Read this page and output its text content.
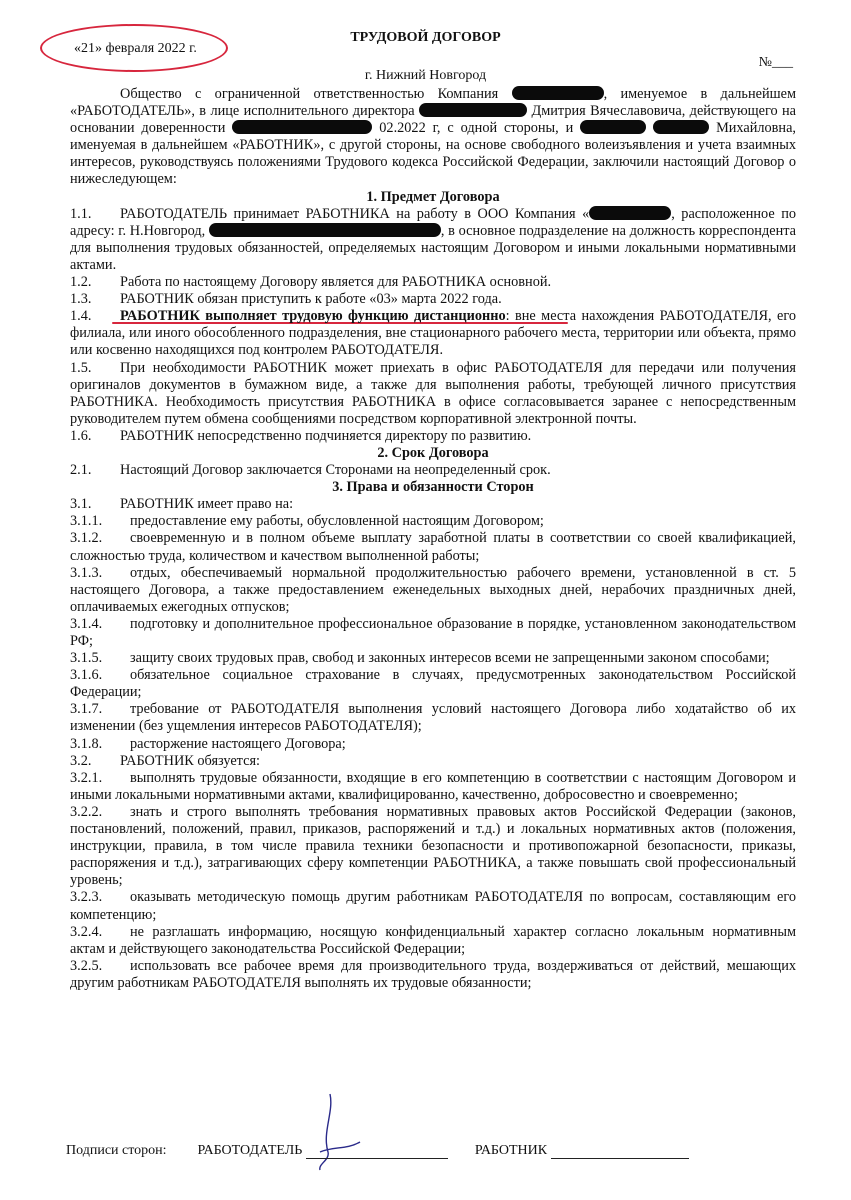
«21» февраля 2022 г.
ТРУДОВОЙ ДОГОВОР
№___
г. Нижний Новгород

Общество с ограниченной ответственностью Компания	, именуемое в дальнейшем «РАБОТОДАТЕЛЬ», в лице исполнительного директора	Дмитрия Вячеславовича, действующего на основании доверенности	02.2022 г, с одной стороны, и	Михайловна, именуемая в дальнейшем «РАБОТНИК», с другой стороны, на основе свободного волеизъявления и учета взаимных интересов, руководствуясь положениями Трудового кодекса Российской Федерации, заключили настоящий Договор о нижеследующем:

1. Предмет Договора

1.1. РАБОТОДАТЕЛЬ принимает РАБОТНИКА на работу в ООО Компания «	, расположенное по адресу: г. Н.Новгород,	, в основное подразделение на должность корреспондента для выполнения трудовых обязанностей, определяемых настоящим Договором и иными локальными нормативными актами.

1.2. Работа по настоящему Договору является для РАБОТНИКА основной.

1.3. РАБОТНИК обязан приступить к работе «03» марта 2022 года.

1.4. РАБОТНИК выполняет трудовую функцию дистанционно: вне места нахождения РАБОТОДАТЕЛЯ, его филиала, или иного обособленного подразделения, вне стационарного рабочего места, территории или объекта, прямо или косвенно находящихся под контролем РАБОТОДАТЕЛЯ.

1.5. При необходимости РАБОТНИК может приехать в офис РАБОТОДАТЕЛЯ для передачи или получения оригиналов документов в бумажном виде, а также для выполнения работы, требующей личного присутствия РАБОТНИКА. Необходимость присутствия РАБОТНИКА в офисе согласовывается заранее с непосредственным руководителем путем обмена сообщениями посредством корпоративной электронной почты.

1.6. РАБОТНИК непосредственно подчиняется директору по развитию.

2. Срок Договора

2.1. Настоящий Договор заключается Сторонами на неопределенный срок.

3. Права и обязанности Сторон

3.1. РАБОТНИК имеет право на:

3.1.1. предоставление ему работы, обусловленной настоящим Договором;

3.1.2. своевременную и в полном объеме выплату заработной платы в соответствии со своей квалификацией, сложностью труда, количеством и качеством выполненной работы;

3.1.3. отдых, обеспечиваемый нормальной продолжительностью рабочего времени, установленной в ст. 5 настоящего Договора, а также предоставлением еженедельных выходных дней, нерабочих праздничных дней, оплачиваемых ежегодных отпусков;

3.1.4. подготовку и дополнительное профессиональное образование в порядке, установленном законодательством РФ;

3.1.5. защиту своих трудовых прав, свобод и законных интересов всеми не запрещенными законом способами;

3.1.6. обязательное социальное страхование в случаях, предусмотренных законодательством Российской Федерации;

3.1.7. требование от РАБОТОДАТЕЛЯ выполнения условий настоящего Договора либо ходатайство об их изменении (без ущемления интересов РАБОТОДАТЕЛЯ);

3.1.8. расторжение настоящего Договора;

3.2. РАБОТНИК обязуется:

3.2.1. выполнять трудовые обязанности, входящие в его компетенцию в соответствии с настоящим Договором и иными локальными нормативными актами, квалифицированно, качественно, добросовестно и своевременно;

3.2.2. знать и строго выполнять требования нормативных правовых актов Российской Федерации (законов, постановлений, положений, правил, приказов, распоряжений и т.д.) и локальных нормативных актов (положения, инструкции, правила, в том числе правила техники безопасности и противопожарной безопасности, приказы, распоряжения и т.д.), затрагивающих сферу компетенции РАБОТНИКА, а также повышать свой профессиональный уровень;

3.2.3. оказывать методическую помощь другим работникам РАБОТОДАТЕЛЯ по вопросам, составляющим его компетенцию;

3.2.4. не разглашать информацию, носящую конфиденциальный характер согласно локальным нормативным актам и действующего законодательства Российской Федерации;

3.2.5. использовать все рабочее время для производительного труда, воздерживаться от действий, мешающих другим работникам РАБОТОДАТЕЛЯ выполнять их трудовые обязанности;

Подписи сторон: РАБОТОДАТЕЛЬ	РАБОТНИК
